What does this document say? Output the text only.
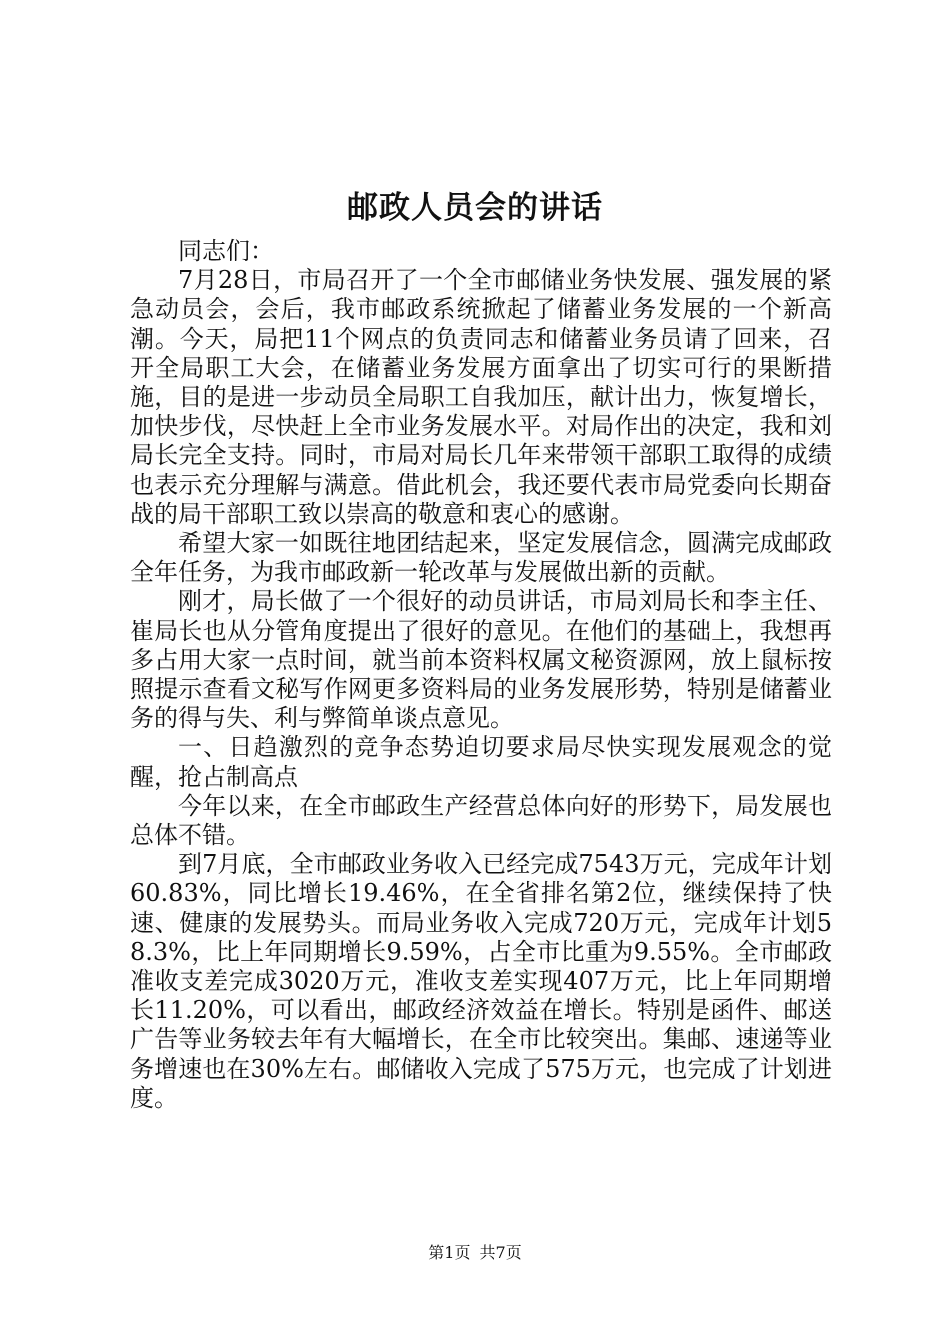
邮政人员会的讲话

同志们：

7月28日，市局召开了一个全市邮储业务快发展、强发展的紧急动员会，会后，我市邮政系统掀起了储蓄业务发展的一个新高潮。今天，局把11个网点的负责同志和储蓄业务员请了回来，召开全局职工大会，在储蓄业务发展方面拿出了切实可行的果断措施，目的是进一步动员全局职工自我加压，献计出力，恢复增长，加快步伐，尽快赶上全市业务发展水平。对局作出的决定，我和刘局长完全支持。同时，市局对局长几年来带领干部职工取得的成绩也表示充分理解与满意。借此机会，我还要代表市局党委向长期奋战的局干部职工致以崇高的敬意和衷心的感谢。

希望大家一如既往地团结起来，坚定发展信念，圆满完成邮政全年任务，为我市邮政新一轮改革与发展做出新的贡献。

刚才，局长做了一个很好的动员讲话，市局刘局长和李主任、崔局长也从分管角度提出了很好的意见。在他们的基础上，我想再多占用大家一点时间，就当前本资料权属文秘资源网，放上鼠标按照提示查看文秘写作网更多资料局的业务发展形势，特别是储蓄业务的得与失、利与弊简单谈点意见。

一、日趋激烈的竞争态势迫切要求局尽快实现发展观念的觉醒，抢占制高点

今年以来，在全市邮政生产经营总体向好的形势下，局发展也总体不错。

到7月底，全市邮政业务收入已经完成7543万元，完成年计划60.83%，同比增长19.46%，在全省排名第2位，继续保持了快速、健康的发展势头。而局业务收入完成720万元，完成年计划58.3%，比上年同期增长9.59%，占全市比重为9.55%。全市邮政准收支差完成3020万元，准收支差实现407万元，比上年同期增长11.20%，可以看出，邮政经济效益在增长。特别是函件、邮送广告等业务较去年有大幅增长，在全市比较突出。集邮、速递等业务增速也在30%左右。邮储收入完成了575万元，也完成了计划进度。

第1页 共7页
